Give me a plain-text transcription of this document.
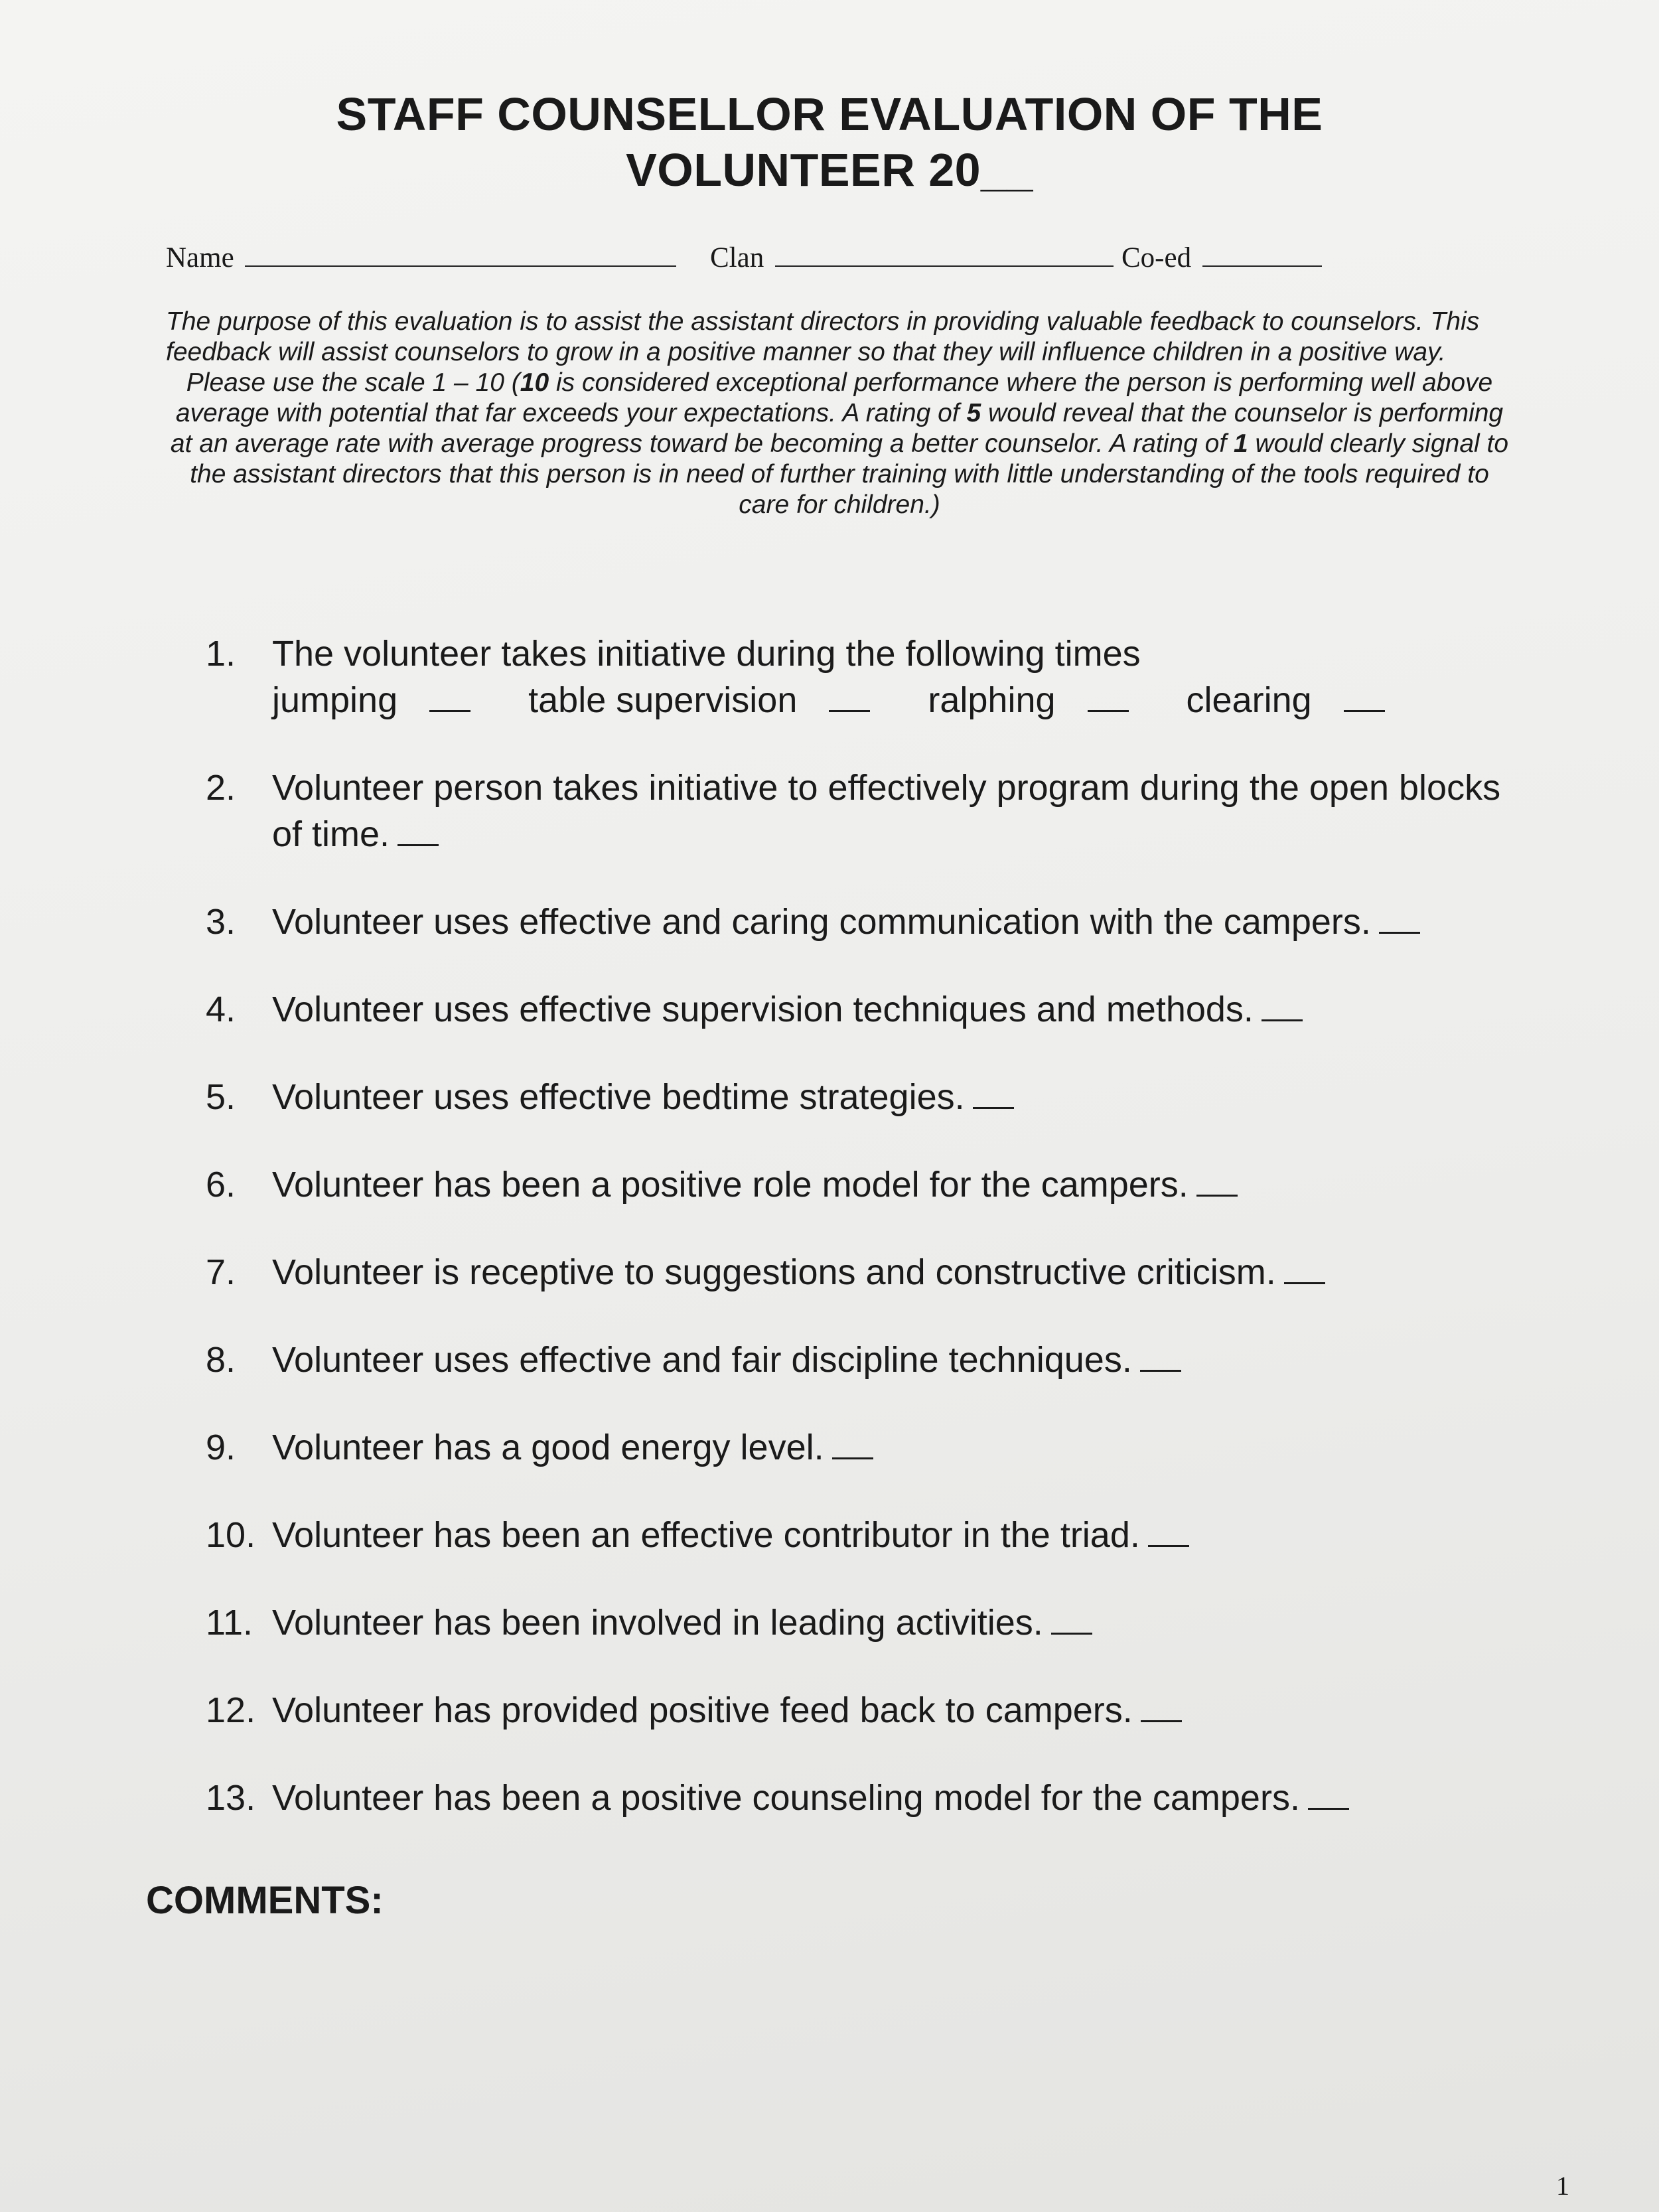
STAFF COUNSELLOR EVALUATION OF THE
VOLUNTEER 20__
Name	Clan	Co-ed

The purpose of this evaluation is to assist the assistant directors in providing valuable feedback to counselors. This feedback will assist counselors to grow in a positive manner so that they will influence children in a positive way.

Please use the scale 1 – 10 (10 is considered exceptional performance where the person is performing well above average with potential that far exceeds your expectations. A rating of 5 would reveal that the counselor is performing at an average rate with average progress toward be becoming a better counselor. A rating of 1 would clearly signal to the assistant directors that this person is in need of further training with little understanding of the tools required to care for children.)

1.	The volunteer takes initiative during the following times
jumping	table supervision	ralphing	clearing
2.	Volunteer person takes initiative to effectively program during the open blocks of time.
3.	Volunteer uses effective and caring communication with the campers.
4.	Volunteer uses effective supervision techniques and methods.
5.	Volunteer uses effective bedtime strategies.
6.	Volunteer has been a positive role model for the campers.
7.	Volunteer is receptive to suggestions and constructive criticism.
8.	Volunteer uses effective and fair discipline techniques.
9.	Volunteer has a good energy level.
10. Volunteer has been an effective contributor in the triad.
11. Volunteer has been involved in leading activities.
12. Volunteer has provided positive feed back to campers.
13. Volunteer has been a positive counseling model for the campers.
COMMENTS:
1
